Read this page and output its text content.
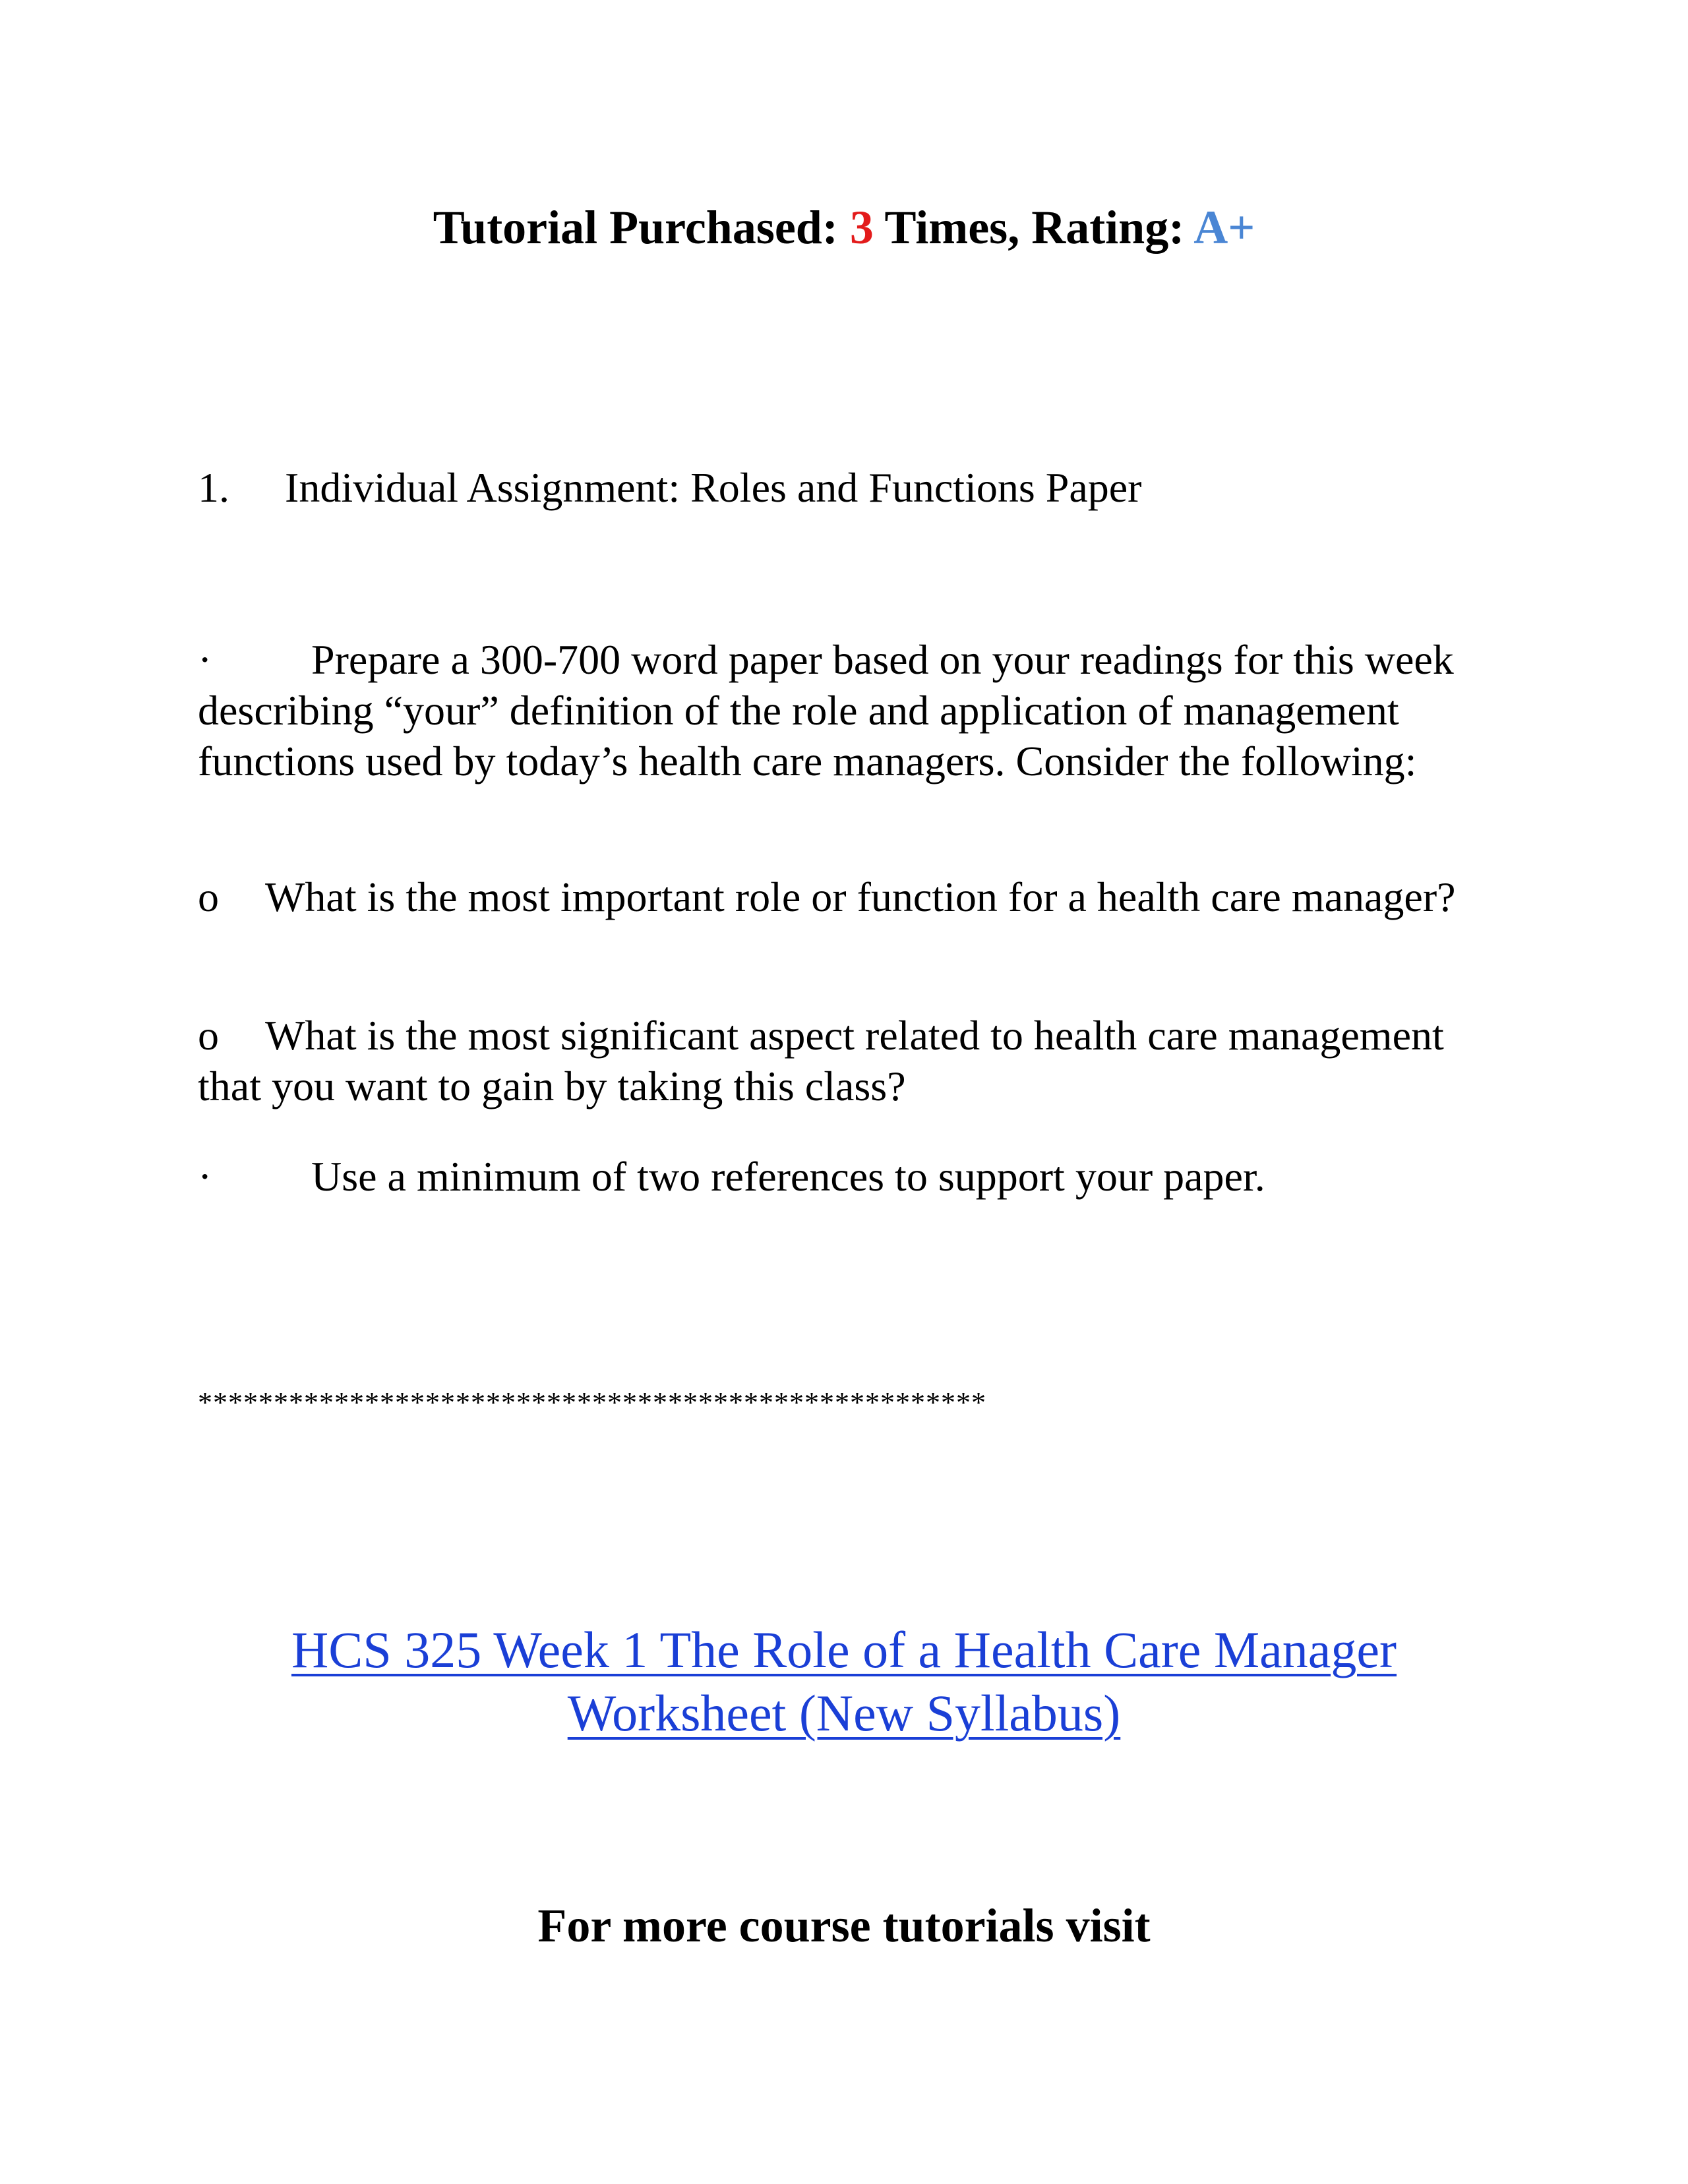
Tutorial Purchased: 3 Times, Rating: A+
1. Individual Assignment: Roles and Functions Paper
· Prepare a 300-700 word paper based on your readings for this week describing “your” definition of the role and application of management functions used by today’s health care managers. Consider the following:
o What is the most important role or function for a health care manager?
o What is the most significant aspect related to health care management that you want to gain by taking this class?
· Use a minimum of two references to support your paper.
****************************************************
HCS 325 Week 1 The Role of a Health Care Manager
Worksheet (New Syllabus)
For more course tutorials visit
